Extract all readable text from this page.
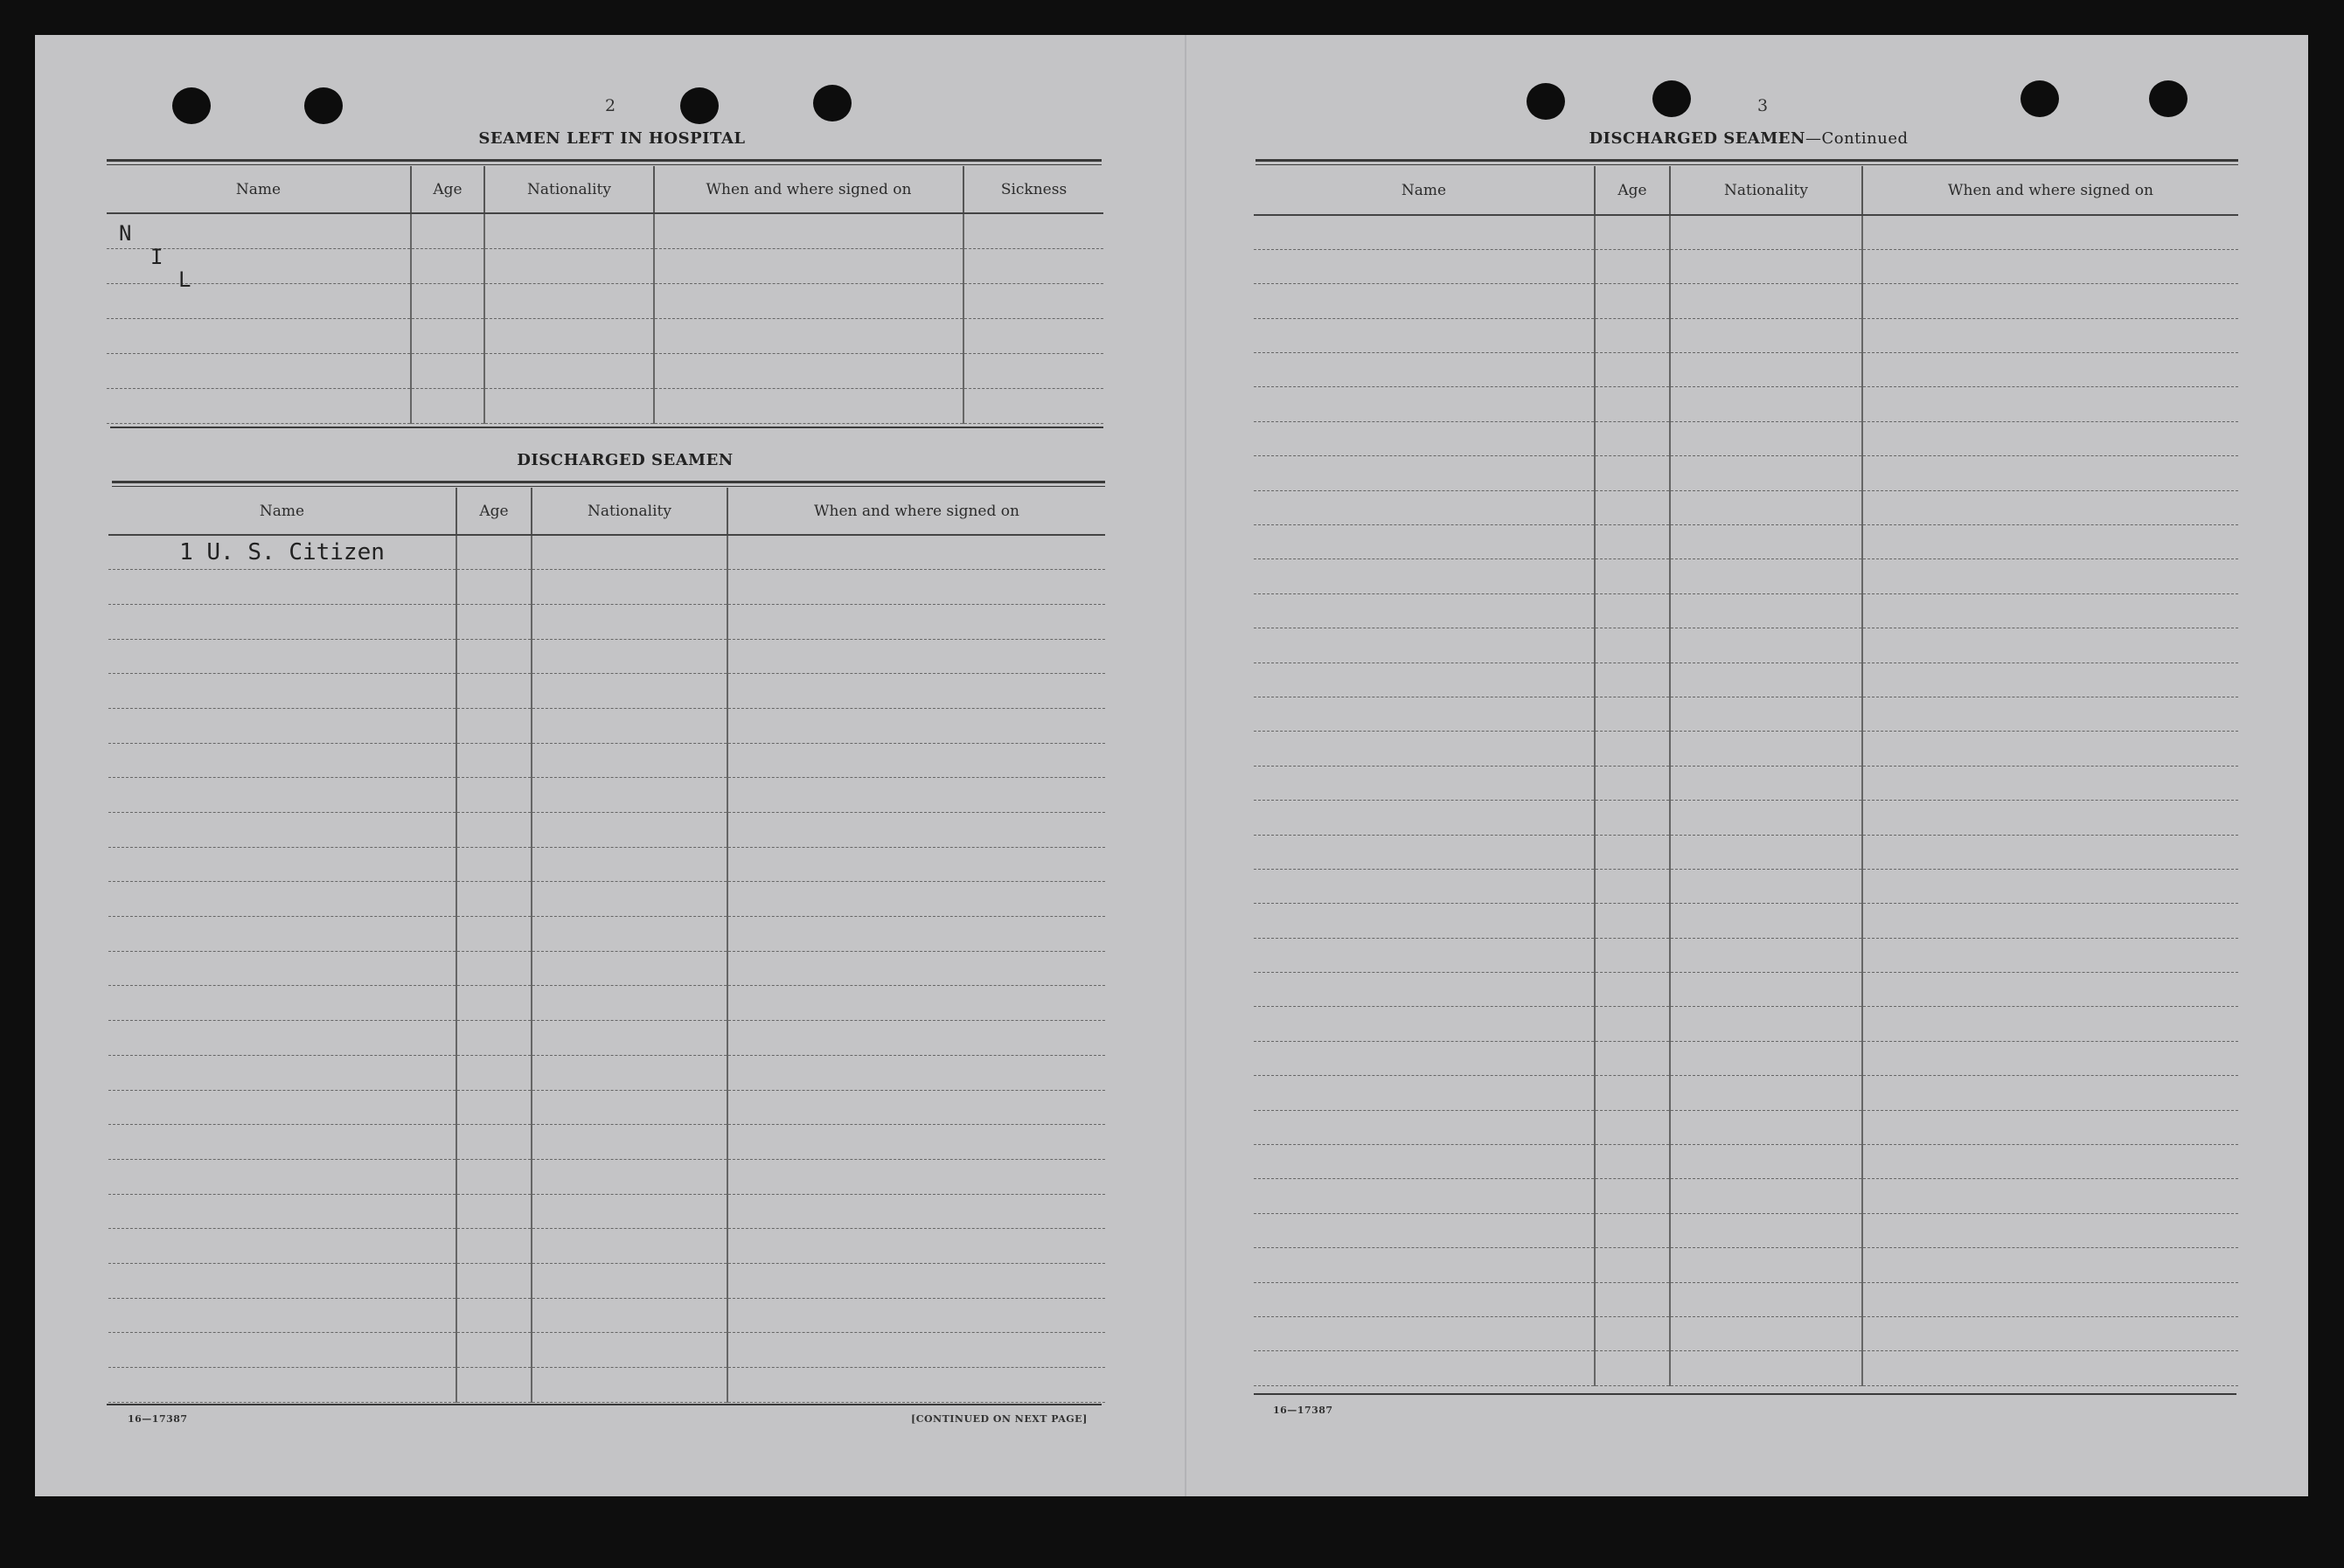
2
SEAMEN LEFT IN HOSPITAL
Name	Age	Nationality	When and where signed on	Sickness

N
I
L
DISCHARGED SEAMEN
Name	Age	Nationality	When and where signed on
1 U. S. Citizen			

16—17387	[CONTINUED ON NEXT PAGE]
3
DISCHARGED SEAMEN—Continued
Name	Age	Nationality	When and where signed on

16—17387
